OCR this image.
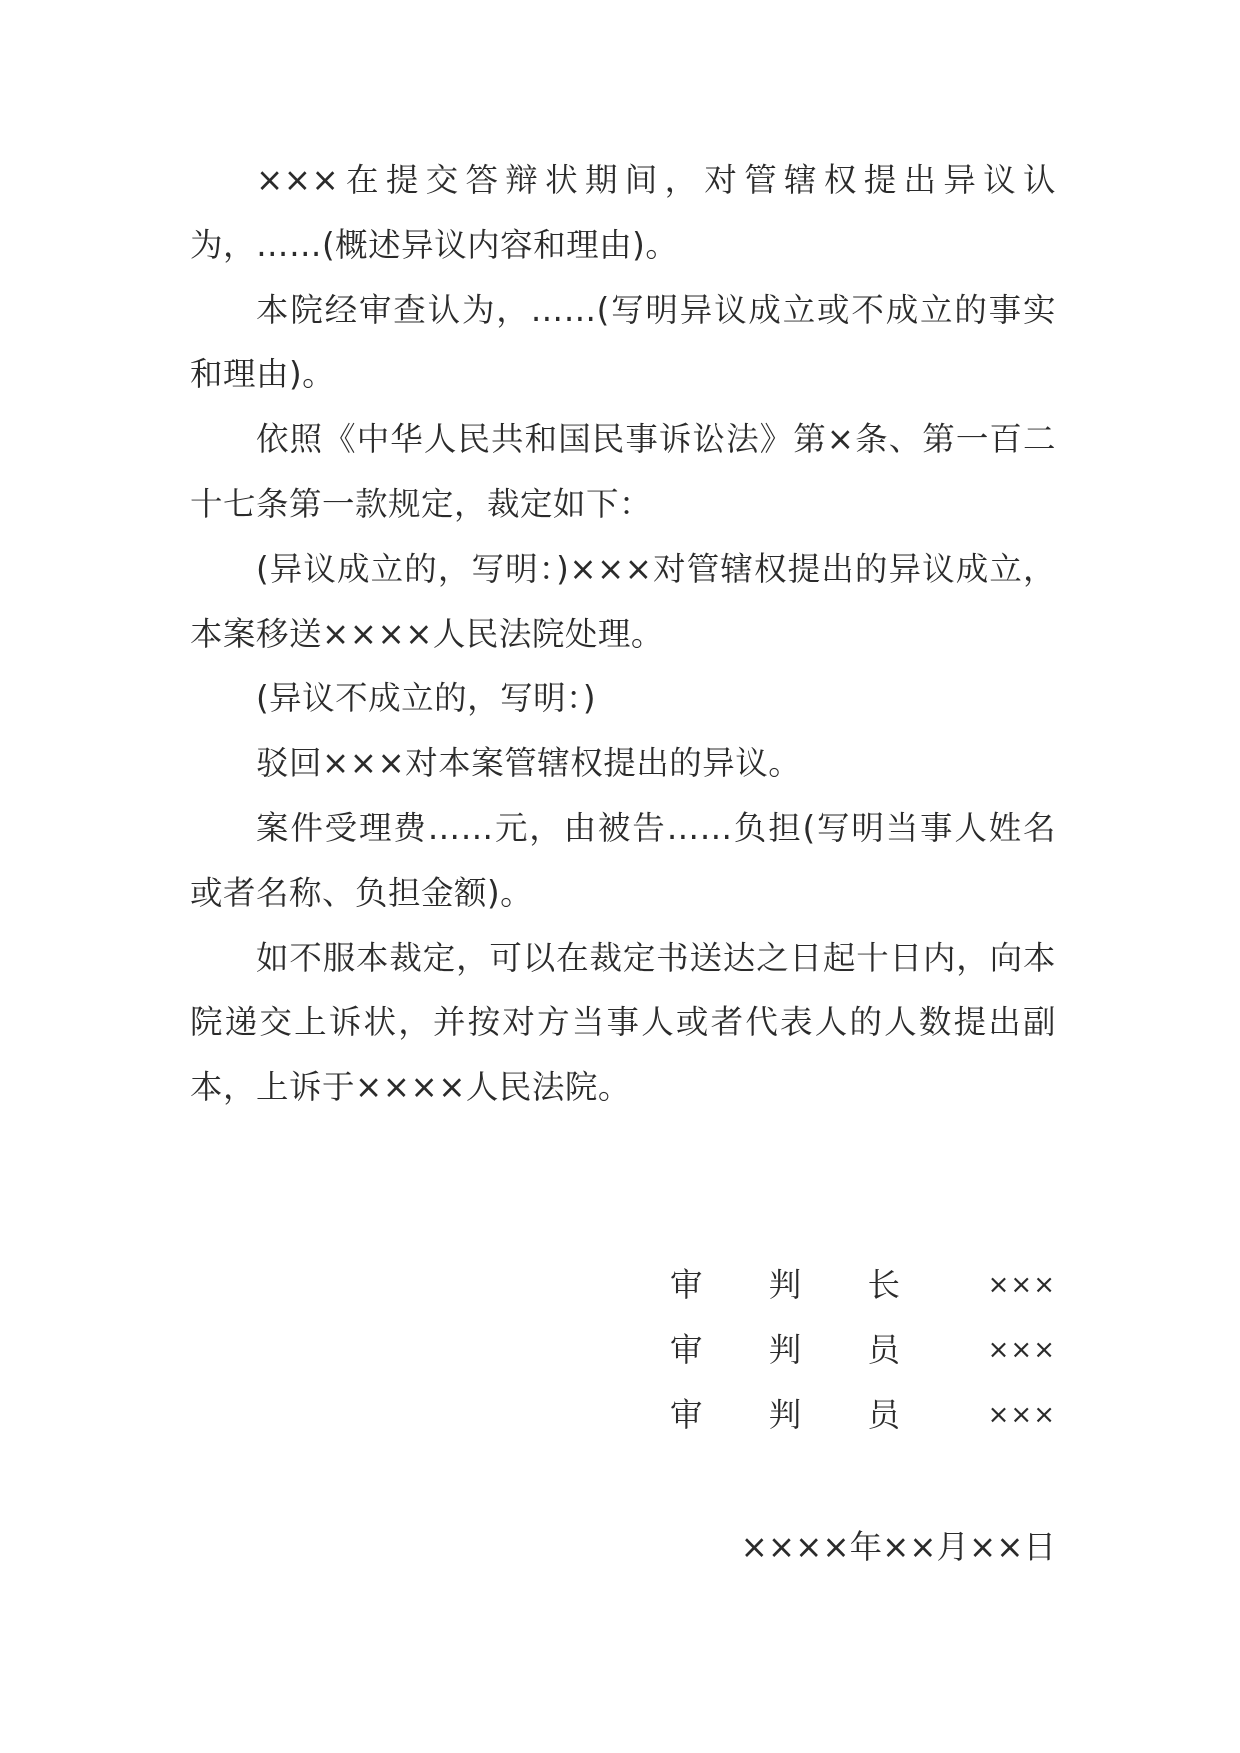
×××在提交答辩状期间，对管辖权提出异议认为，……(概述异议内容和理由)。

本院经审查认为，……(写明异议成立或不成立的事实和理由)。

依照《中华人民共和国民事诉讼法》第×条、第一百二十七条第一款规定，裁定如下：

(异议成立的，写明：)×××对管辖权提出的异议成立，本案移送××××人民法院处理。

(异议不成立的，写明：)

驳回×××对本案管辖权提出的异议。

案件受理费……元，由被告……负担(写明当事人姓名或者名称、负担金额)。

如不服本裁定，可以在裁定书送达之日起十日内，向本院递交上诉状，并按对方当事人或者代表人的人数提出副本，上诉于××××人民法院。

审 判 长	×××
审 判 员	×××
审 判 员	×××
××××年××月××日
